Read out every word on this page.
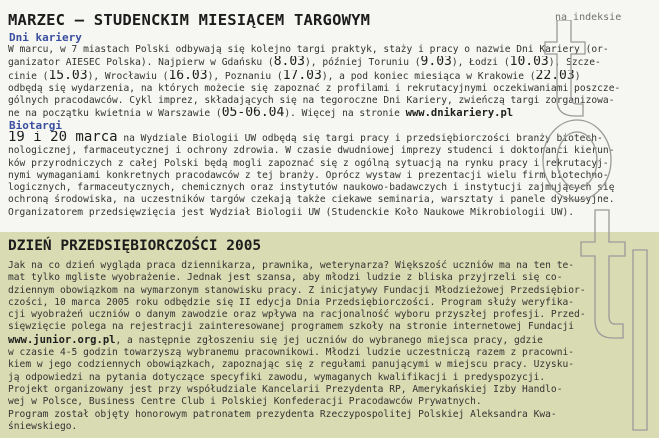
MARZEC — STUDENCKIM MIESIĄCEM TARGOWYM	na indeksie
Dni kariery
W marcu, w 7 miastach Polski odbywają się kolejno targi praktyk, staży i pracy o nazwie Dni Kariery (or-
ganizator AIESEC Polska). Najpierw w Gdańsku (8.03), później Toruniu (9.03), Łodzi (10.03), Szcze-
cinie (15.03), Wrocławiu (16.03), Poznaniu (17.03), a pod koniec miesiąca w Krakowie (22.03)
odbędą się wydarzenia, na których możecie się zapoznać z profilami i rekrutacyjnymi oczekiwaniami poszcze-
gólnych pracodawców. Cykl imprez, składających się na tegoroczne Dni Kariery, zwieńczą targi zorganizowa-
ne na początku kwietnia w Warszawie (05-06.04). Więcej na stronie www.dnikariery.pl
Biotargi
19 i 20 marca na Wydziale Biologii UW odbędą się targi pracy i przedsiębiorczości branży biotech-
nologicznej, farmaceutycznej i ochrony zdrowia. W czasie dwudniowej imprezy studenci i doktoranci kierun-
ków przyrodniczych z całej Polski będą mogli zapoznać się z ogólną sytuacją na rynku pracy i rekrutacyj-
nymi wymaganiami konkretnych pracodawców z tej branży. Oprócz wystaw i prezentacji wielu firm biotechno-
logicznych, farmaceutycznych, chemicznych oraz instytutów naukowo-badawczych i instytucji zajmujących się
ochroną środowiska, na uczestników targów czekają także ciekawe seminaria, warsztaty i panele dyskusyjne.
Organizatorem przedsięwzięcia jest Wydział Biologii UW (Studenckie Koło Naukowe Mikrobiologii UW).
DZIEŃ PRZEDSIĘBIORCZOŚCI 2005
Jak na co dzień wygląda praca dziennikarza, prawnika, weterynarza? Większość uczniów ma na ten te-
mat tylko mgliste wyobrażenie. Jednak jest szansa, aby młodzi ludzie z bliska przyjrzeli się co-
dziennym obowiązkom na wymarzonym stanowisku pracy. Z inicjatywy Fundacji Młodzieżowej Przedsiębior-
czości, 10 marca 2005 roku odbędzie się II edycja Dnia Przedsiębiorczości. Program służy weryfika-
cji wyobrażeń uczniów o danym zawodzie oraz wpływa na racjonalność wyboru przyszłej profesji. Przed-
sięwzięcie polega na rejestracji zainteresowanej programem szkoły na stronie internetowej Fundacji
www.junior.org.pl, a następnie zgłoszeniu się jej uczniów do wybranego miejsca pracy, gdzie
w czasie 4-5 godzin towarzyszą wybranemu pracownikowi. Młodzi ludzie uczestniczą razem z pracowni-
kiem w jego codziennych obowiązkach, zapoznając się z regułami panującymi w miejscu pracy. Uzysku-
ją odpowiedzi na pytania dotyczące specyfiki zawodu, wymaganych kwalifikacji i predyspozycji.
Projekt organizowany jest przy współudziale Kancelarii Prezydenta RP, Amerykańskiej Izby Handlo-
wej w Polsce, Business Centre Club i Polskiej Konfederacji Pracodawców Prywatnych.
Program został objęty honorowym patronatem prezydenta Rzeczypospolitej Polskiej Aleksandra Kwa-
śniewskiego.
